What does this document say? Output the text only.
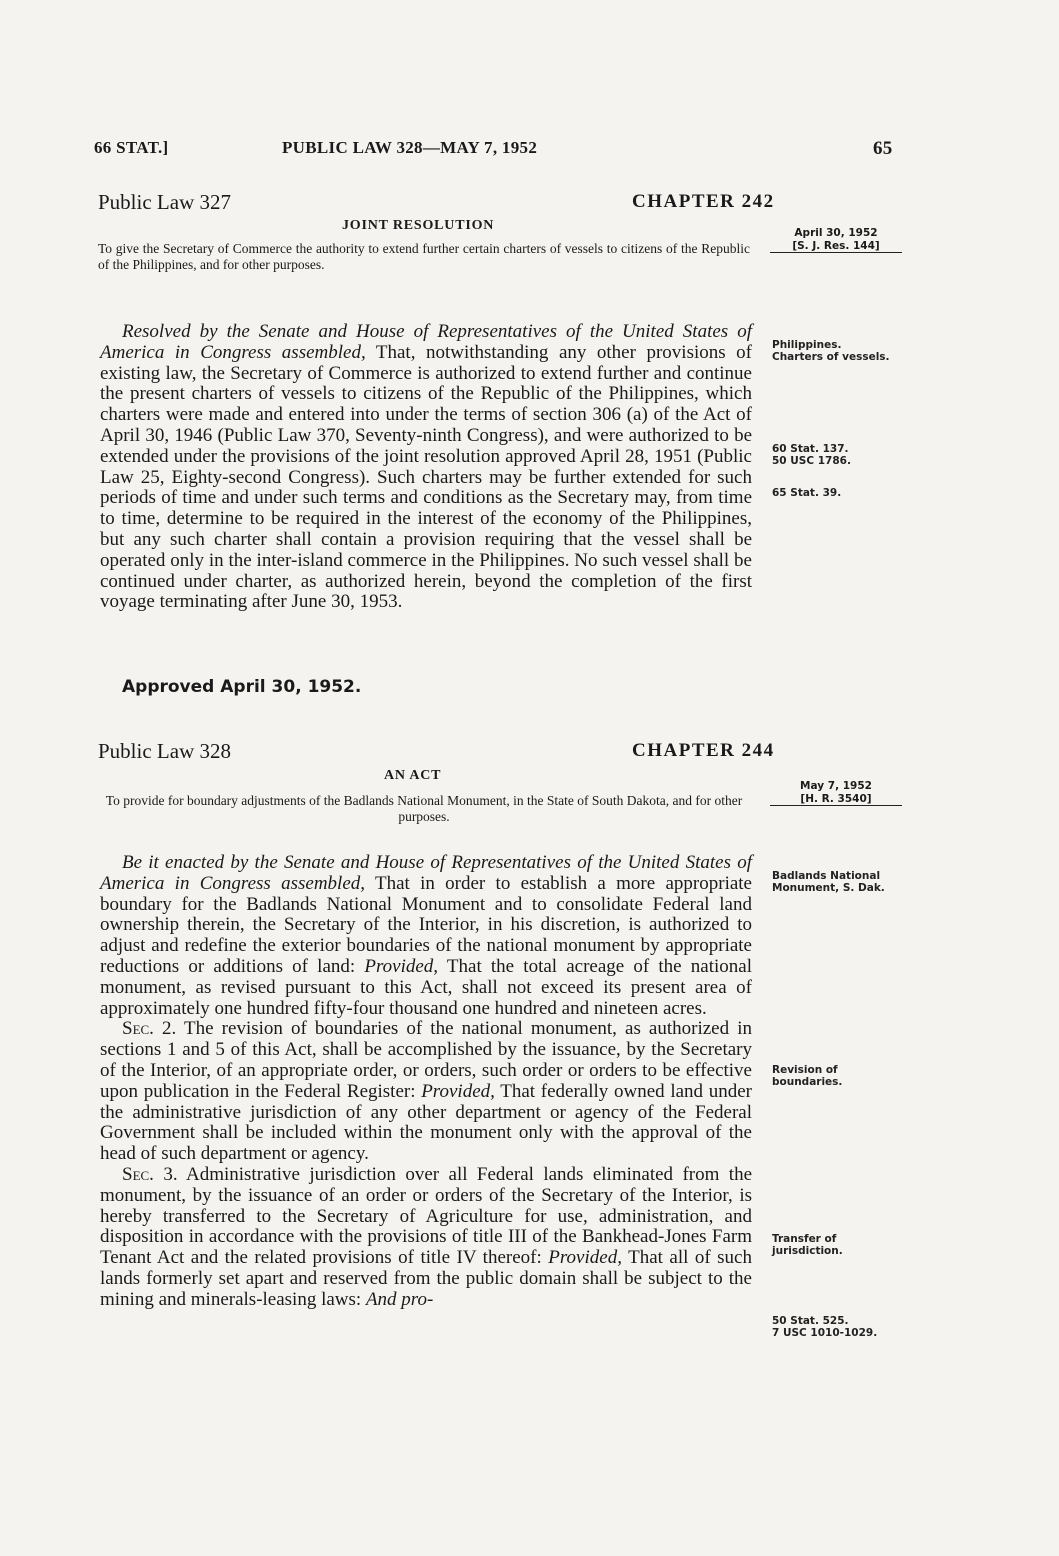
66 STAT.]	PUBLIC LAW 328—MAY 7, 1952	65
Public Law 327	CHAPTER 242
JOINT RESOLUTION
To give the Secretary of Commerce the authority to extend further certain charters of vessels to citizens of the Republic of the Philippines, and for other purposes.
April 30, 1952
[S. J. Res. 144]

Resolved by the Senate and House of Representatives of the United States of America in Congress assembled, That, notwithstanding any other provisions of existing law, the Secretary of Commerce is authorized to extend further and continue the present charters of vessels to citizens of the Republic of the Philippines, which charters were made and entered into under the terms of section 306 (a) of the Act of April 30, 1946 (Public Law 370, Seventy-ninth Congress), and were authorized to be extended under the provisions of the joint resolution approved April 28, 1951 (Public Law 25, Eighty-second Congress). Such charters may be further extended for such periods of time and under such terms and conditions as the Secretary may, from time to time, determine to be required in the interest of the economy of the Philippines, but any such charter shall contain a provision requiring that the vessel shall be operated only in the inter-island commerce in the Philippines. No such vessel shall be continued under charter, as authorized herein, beyond the completion of the first voyage terminating after June 30, 1953.

Approved April 30, 1952.
Philippines. Charters of vessels.
60 Stat. 137.
50 USC 1786.
65 Stat. 39.
Public Law 328	CHAPTER 244
AN ACT
To provide for boundary adjustments of the Badlands National Monument, in the State of South Dakota, and for other purposes.
May 7, 1952
[H. R. 3540]

Be it enacted by the Senate and House of Representatives of the United States of America in Congress assembled, That in order to establish a more appropriate boundary for the Badlands National Monument and to consolidate Federal land ownership therein, the Secretary of the Interior, in his discretion, is authorized to adjust and redefine the exterior boundaries of the national monument by appropriate reductions or additions of land: Provided, That the total acreage of the national monument, as revised pursuant to this Act, shall not exceed its present area of approximately one hundred fifty-four thousand one hundred and nineteen acres.

Sec. 2. The revision of boundaries of the national monument, as authorized in sections 1 and 5 of this Act, shall be accomplished by the issuance, by the Secretary of the Interior, of an appropriate order, or orders, such order or orders to be effective upon publication in the Federal Register: Provided, That federally owned land under the administrative jurisdiction of any other department or agency of the Federal Government shall be included within the monument only with the approval of the head of such department or agency.

Sec. 3. Administrative jurisdiction over all Federal lands eliminated from the monument, by the issuance of an order or orders of the Secretary of the Interior, is hereby transferred to the Secretary of Agriculture for use, administration, and disposition in accordance with the provisions of title III of the Bankhead-Jones Farm Tenant Act and the related provisions of title IV thereof: Provided, That all of such lands formerly set apart and reserved from the public domain shall be subject to the mining and minerals-leasing laws: And pro-

Badlands National Monument, S. Dak.
Revision of boundaries.
Transfer of jurisdiction.
50 Stat. 525.
7 USC 1010-1029.
